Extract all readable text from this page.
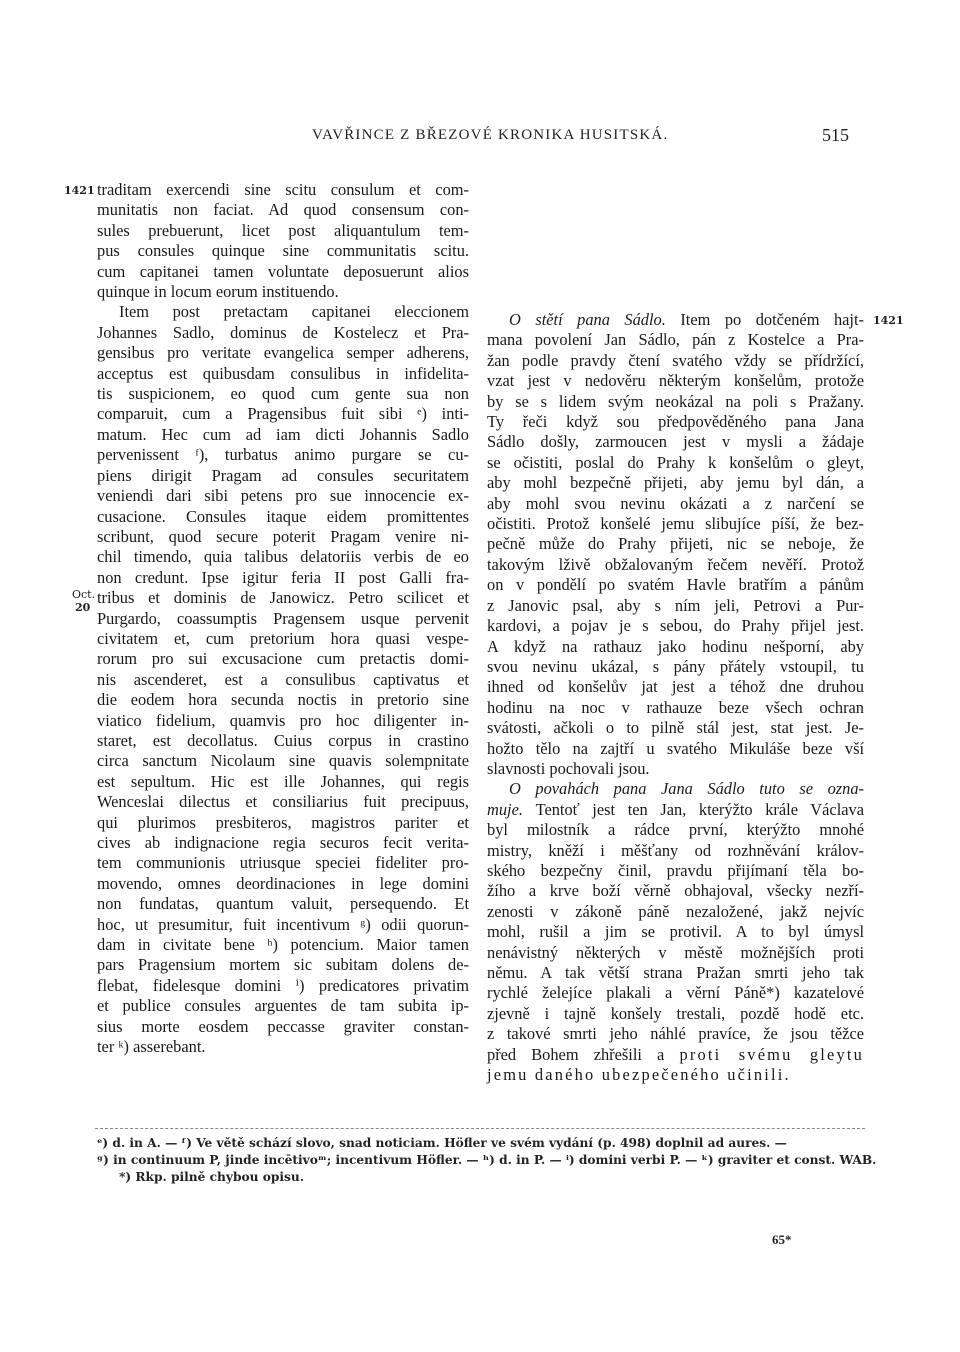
VAVŘINCE Z BŘEZOVÉ KRONIKA HUSITSKÁ.	515
1421
1421
Oct.
20
traditam exercendi sine scitu consulum et com-
munitatis non faciat. Ad quod consensum con-
sules prebuerunt, licet post aliquantulum tem-
pus consules quinque sine communitatis scitu.
cum capitanei tamen voluntate deposuerunt alios
quinque in locum eorum instituendo.
Item post pretactam capitanei eleccionem
Johannes Sadlo, dominus de Kostelecz et Pra-
gensibus pro veritate evangelica semper adherens,
acceptus est quibusdam consulibus in infidelita-
tis suspicionem, eo quod cum gente sua non
comparuit, cum a Pragensibus fuit sibi ᵉ) inti-
matum. Hec cum ad iam dicti Johannis Sadlo
pervenissent ᶠ), turbatus animo purgare se cu-
piens dirigit Pragam ad consules securitatem
veniendi dari sibi petens pro sue innocencie ex-
cusacione. Consules itaque eidem promittentes
scribunt, quod secure poterit Pragam venire ni-
chil timendo, quia talibus delatoriis verbis de eo
non credunt. Ipse igitur feria II post Galli fra-
tribus et dominis de Janowicz. Petro scilicet et
Purgardo, coassumptis Pragensem usque pervenit
civitatem et, cum pretorium hora quasi vespe-
rorum pro sui excusacione cum pretactis domi-
nis ascenderet, est a consulibus captivatus et
die eodem hora secunda noctis in pretorio sine
viatico fidelium, quamvis pro hoc diligenter in-
staret, est decollatus. Cuius corpus in crastino
circa sanctum Nicolaum sine quavis solempnitate
est sepultum. Hic est ille Johannes, qui regis
Wenceslai dilectus et consiliarius fuit precipuus,
qui plurimos presbiteros, magistros pariter et
cives ab indignacione regia securos fecit verita-
tem communionis utriusque speciei fideliter pro-
movendo, omnes deordinaciones in lege domini
non fundatas, quantum valuit, persequendo. Et
hoc, ut presumitur, fuit incentivum ᵍ) odii quorun-
dam in civitate bene ʰ) potencium. Maior tamen
pars Pragensium mortem sic subitam dolens de-
flebat, fidelesque domini ⁱ) predicatores privatim
et publice consules arguentes de tam subita ip-
sius morte eosdem peccasse graviter constan-
ter ᵏ) asserebant.
O stětí pana Sádlo. Item po dotčeném hajt-
mana povolení Jan Sádlo, pán z Kostelce a Pra-
žan podle pravdy čtení svatého vždy se přídržící,
vzat jest v nedověru některým konšelům, protože
by se s lidem svým neokázal na poli s Pražany.
Ty řeči když sou předpověděného pana Jana
Sádlo došly, zarmoucen jest v mysli a žádaje
se očistiti, poslal do Prahy k konšelům o gleyt,
aby mohl bezpečně přijeti, aby jemu byl dán, a
aby mohl svou nevinu okázati a z narčení se
očistiti. Protož konšelé jemu slibujíce píší, že bez-
pečně může do Prahy přijeti, nic se neboje, že
takovým lživě obžalovaným řečem nevěří. Protož
on v pondělí po svatém Havle bratřím a pánům
z Janovic psal, aby s ním jeli, Petrovi a Pur-
kardovi, a pojav je s sebou, do Prahy přijel jest.
A když na rathauz jako hodinu nešporní, aby
svou nevinu ukázal, s pány přátely vstoupil, tu
ihned od konšelův jat jest a téhož dne druhou
hodinu na noc v rathauze beze všech ochran
svátosti, ačkoli o to pilně stál jest, stat jest. Je-
hožto tělo na zajtří u svatého Mikuláše beze vší
slavnosti pochovali jsou.
O povahách pana Jana Sádlo tuto se ozna-
muje. Tentoť jest ten Jan, kterýžto krále Václava
byl milostník a rádce první, kterýžto mnohé
mistry, kněží i měšťany od rozhněvání králov-
ského bezpečny činil, pravdu přijímaní těla bo-
žího a krve boží věrně obhajoval, všecky nezří-
zenosti v zákoně páně nezaložené, jakž nejvíc
mohl, rušil a jim se protivil. A to byl úmysl
nenávistný některých v městě možnějších proti
němu. A tak větší strana Pražan smrti jeho tak
rychlé želejíce plakali a věrní Páně*) kazatelové
zjevně i tajně konšely trestali, pozdě hodě etc.
z takové smrti jeho náhlé pravíce, že jsou těžce
před Bohem zhřešili a proti svému gleytu
jemu daného ubezpečeného učinili.
ᵉ) d. in A. — ᶠ) Ve větě schází slovo, snad noticiam. Höfler ve svém vydání (p. 498) doplnil ad aures. —
ᵍ) in continuum P, jinde incētivoᵐ; incentivum Höfler. — ʰ) d. in P. — ⁱ) domini verbi P. — ᵏ) graviter et const. WAB.
*) Rkp. pilně chybou opisu.
65*
